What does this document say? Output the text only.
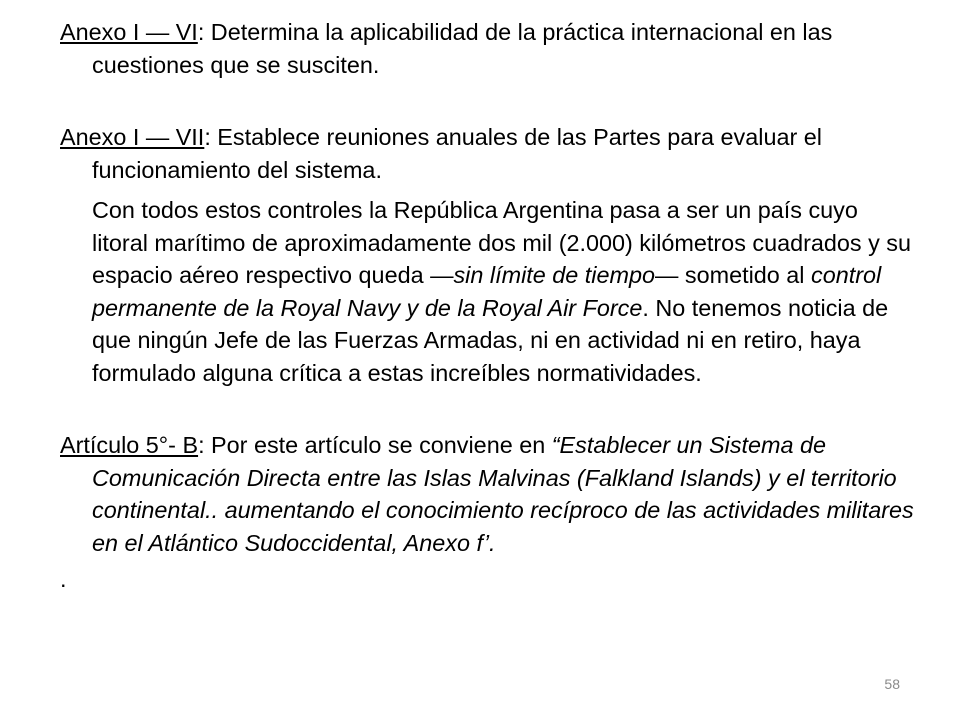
Anexo I — VI: Determina la aplicabilidad de la práctica internacional en las cuestiones que se susciten.

Anexo I — VII: Establece reuniones anuales de las Partes para evaluar el funcionamiento del sistema.

Con todos estos controles la República Argentina pasa a ser un país cuyo litoral marítimo de aproximadamente dos mil (2.000) kilómetros cuadrados y su espacio aéreo respectivo queda —sin límite de tiempo— sometido al control permanente de la Royal Navy y de la Royal Air Force. No tenemos noticia de que ningún Jefe de las Fuerzas Armadas, ni en actividad ni en retiro, haya formulado alguna crítica a estas increíbles normatividades.

Artículo 5°- B: Por este artículo se conviene en “Establecer un Sistema de Comunicación Directa entre las Islas Malvinas (Falkland Islands) y el territorio continental.. aumentando el conocimiento recíproco de las actividades militares en el Atlántico Sudoccidental, Anexo f’.

.

58
